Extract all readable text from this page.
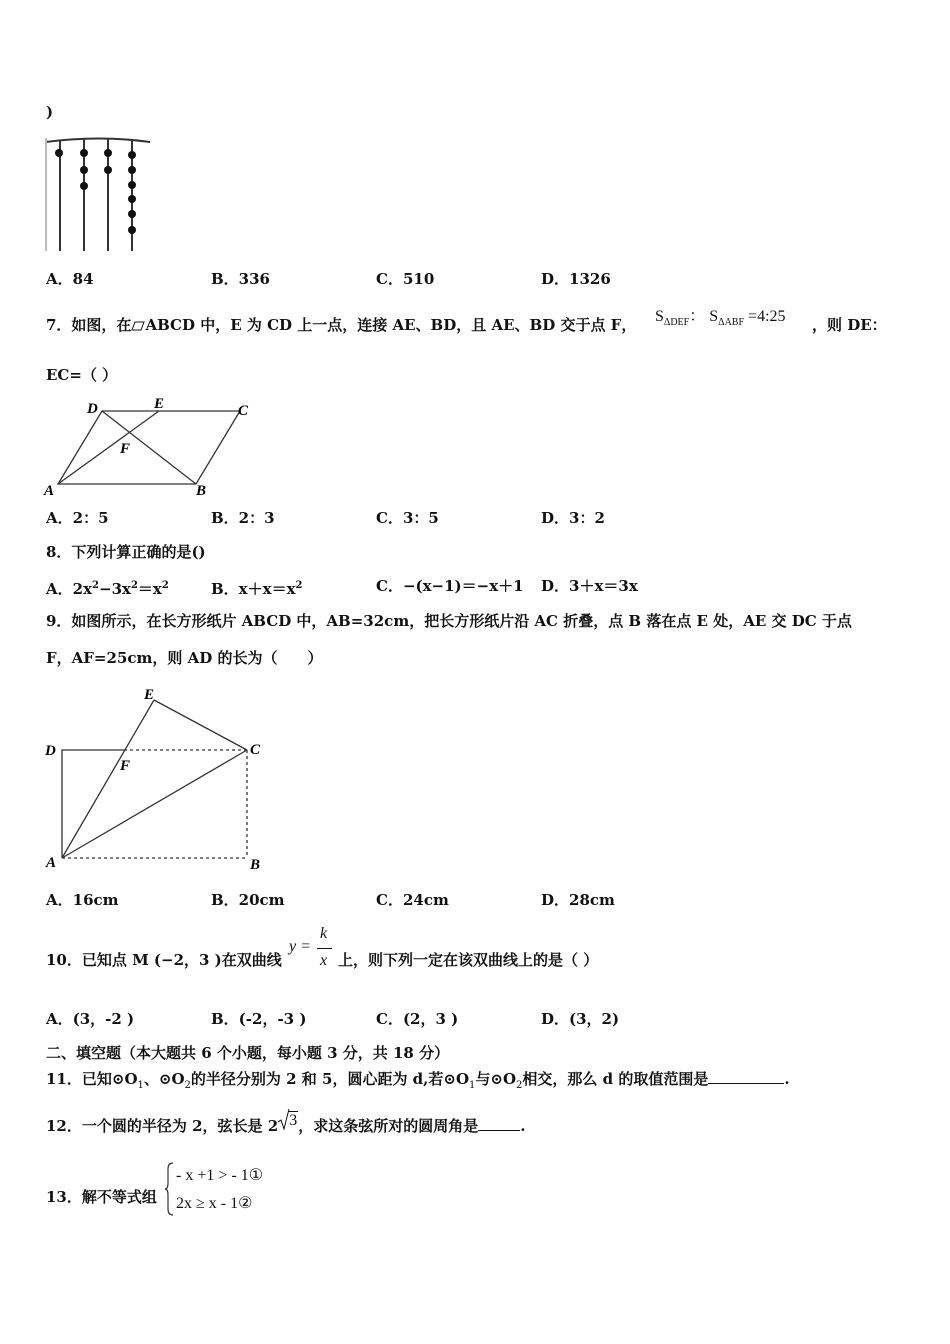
)
A．84	B．336	C．510	D．1326
7．如图，在 ABCD 中，E 为 CD 上一点，连接 AE、BD，且 AE、BD 交于点 F， $S_{\Delta DEF}$： $S_{\Delta ABF}$ =4:25 ，则 DE：
EC=（ ）
D	E	C
F
A	B
A．2：5	B．2：3	C．3：5	D．3：2
8．下列计算正确的是()
A．$2x^2-3x^2=x^2$	B．$x+x=x^2$	C．−(x−1)＝−x＋1 D．3＋x＝3x
9．如图所示，在长方形纸片 ABCD 中，AB=32cm，把长方形纸片沿 AC 折叠，点 B 落在点 E 处，AE 交 DC 于点
F，AF=25cm，则 AD 的长为（　　）
E
D
F
C
A	B
A．16cm	B．20cm	C．24cm	D．28cm
10．已知点 M (−2，3 )在双曲线
y =
k
x 上，则下列一定在该双曲线上的是（ ）
A．(3，-2 )	B．(-2，-3 )	C．(2，3 )	D．(3，2)
二、填空题（本大题共 6 个小题，每小题 3 分，共 18 分）
11．已知$⊙O_1$、$⊙O_2$的半径分别为 2 和 5，圆心距为 d,若$⊙O_1$与$⊙O_2$相交，那么 d 的取值范围是	.
12．一个圆的半径为 2，弦长是 2 3，求这条弦所对的圆周角是	.
13．解不等式组
- x +1 > - 1①
2x ≥ x - 1②
